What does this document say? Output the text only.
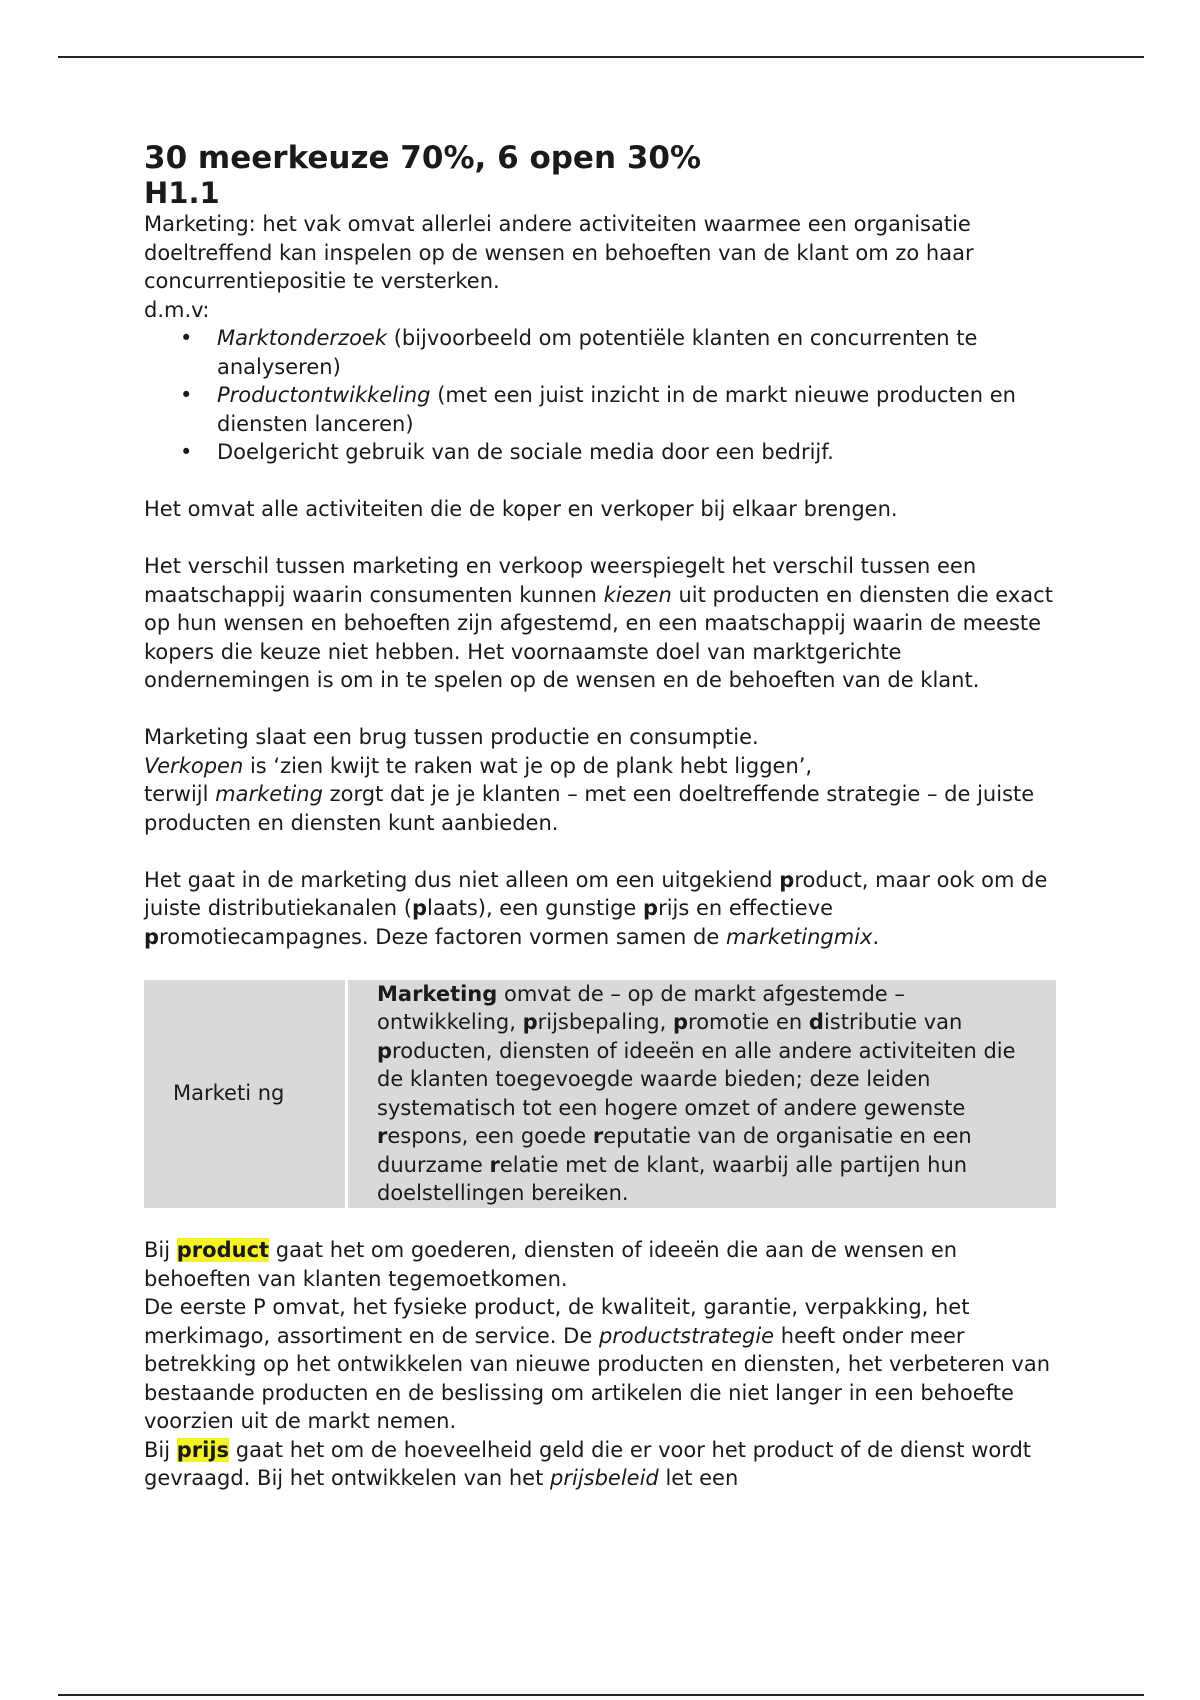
30 meerkeuze 70%, 6 open 30%
H1.1

Marketing: het vak omvat allerlei andere activiteiten waarmee een organisatie doeltreffend kan inspelen op de wensen en behoeften van de klant om zo haar concurrentiepositie te versterken.

d.m.v:

• Marktonderzoek (bijvoorbeeld om potentiële klanten en concurrenten te analyseren)
• Productontwikkeling (met een juist inzicht in de markt nieuwe producten en diensten lanceren)
• Doelgericht gebruik van de sociale media door een bedrijf.

Het omvat alle activiteiten die de koper en verkoper bij elkaar brengen.

Het verschil tussen marketing en verkoop weerspiegelt het verschil tussen een maatschappij waarin consumenten kunnen kiezen uit producten en diensten die exact op hun wensen en behoeften zijn afgestemd, en een maatschappij waarin de meeste kopers die keuze niet hebben. Het voornaamste doel van marktgerichte ondernemingen is om in te spelen op de wensen en de behoeften van de klant.

Marketing slaat een brug tussen productie en consumptie.
Verkopen is ‘zien kwijt te raken wat je op de plank hebt liggen’,
terwijl marketing zorgt dat je je klanten – met een doeltreffende strategie – de juiste producten en diensten kunt aanbieden.

Het gaat in de marketing dus niet alleen om een uitgekiend product, maar ook om de juiste distributiekanalen (plaats), een gunstige prijs en effectieve promotiecampagnes. Deze factoren vormen samen de marketingmix.

Marketi ng	Marketing omvat de – op de markt afgestemde – ontwikkeling, prijsbepaling, promotie en distributie van producten, diensten of ideeën en alle andere activiteiten die de klanten toegevoegde waarde bieden; deze leiden systematisch tot een hogere omzet of andere gewenste respons, een goede reputatie van de organisatie en een duurzame relatie met de klant, waarbij alle partijen hun doelstellingen bereiken.

Bij product gaat het om goederen, diensten of ideeën die aan de wensen en behoeften van klanten tegemoetkomen.

De eerste P omvat, het fysieke product, de kwaliteit, garantie, verpakking, het merkimago, assortiment en de service. De productstrategie heeft onder meer betrekking op het ontwikkelen van nieuwe producten en diensten, het verbeteren van bestaande producten en de beslissing om artikelen die niet langer in een behoefte voorzien uit de markt nemen.

Bij prijs gaat het om de hoeveelheid geld die er voor het product of de dienst wordt gevraagd. Bij het ontwikkelen van het prijsbeleid let een
